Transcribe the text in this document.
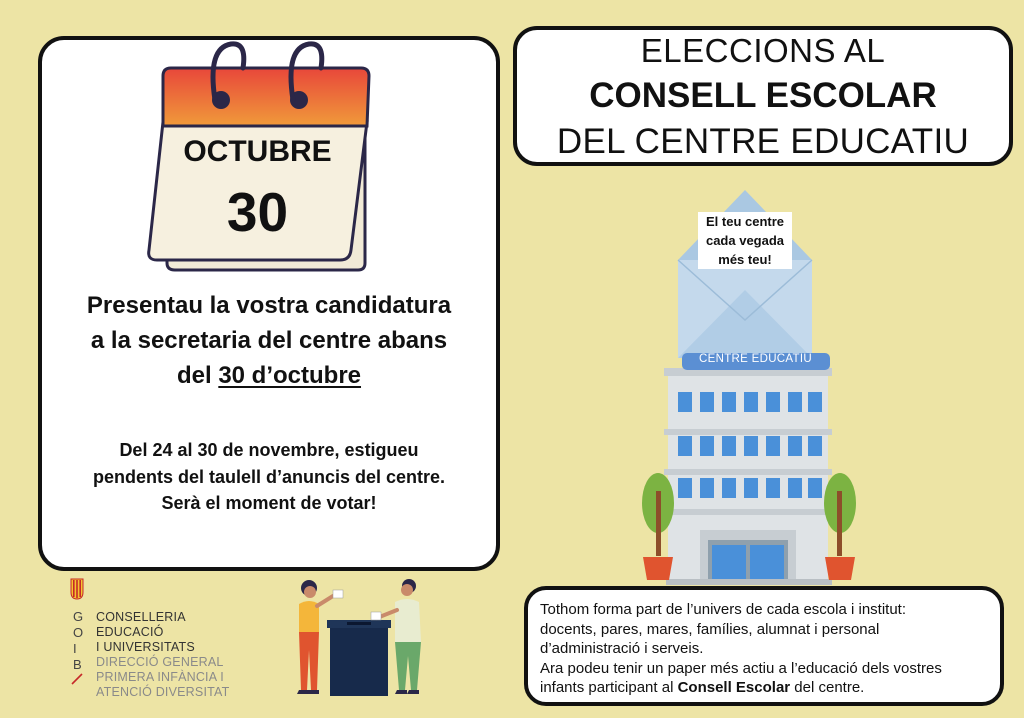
OCTUBRE
30
Presentau la vostra candidatura
a la secretaria del centre abans
del 30 d’octubre
Del 24 al 30 de novembre, estigueu
pendents del taulell d’anuncis del centre.
Serà el moment de votar!
G
O
I
B
CONSELLERIA
EDUCACIÓ
I UNIVERSITATS
DIRECCIÓ GENERAL
PRIMERA INFÀNCIA I
ATENCIÓ DIVERSITAT
ELECCIONS AL
CONSELL ESCOLAR
DEL CENTRE EDUCATIU
El teu centre
cada vegada
més teu!
CENTRE EDUCATIU

Tothom forma part de l’univers de cada escola i institut:

docents, pares, mares, famílies, alumnat i personal

d’administració i serveis.

Ara podeu tenir un paper més actiu a l’educació dels vostres

infants participant al Consell Escolar del centre.
